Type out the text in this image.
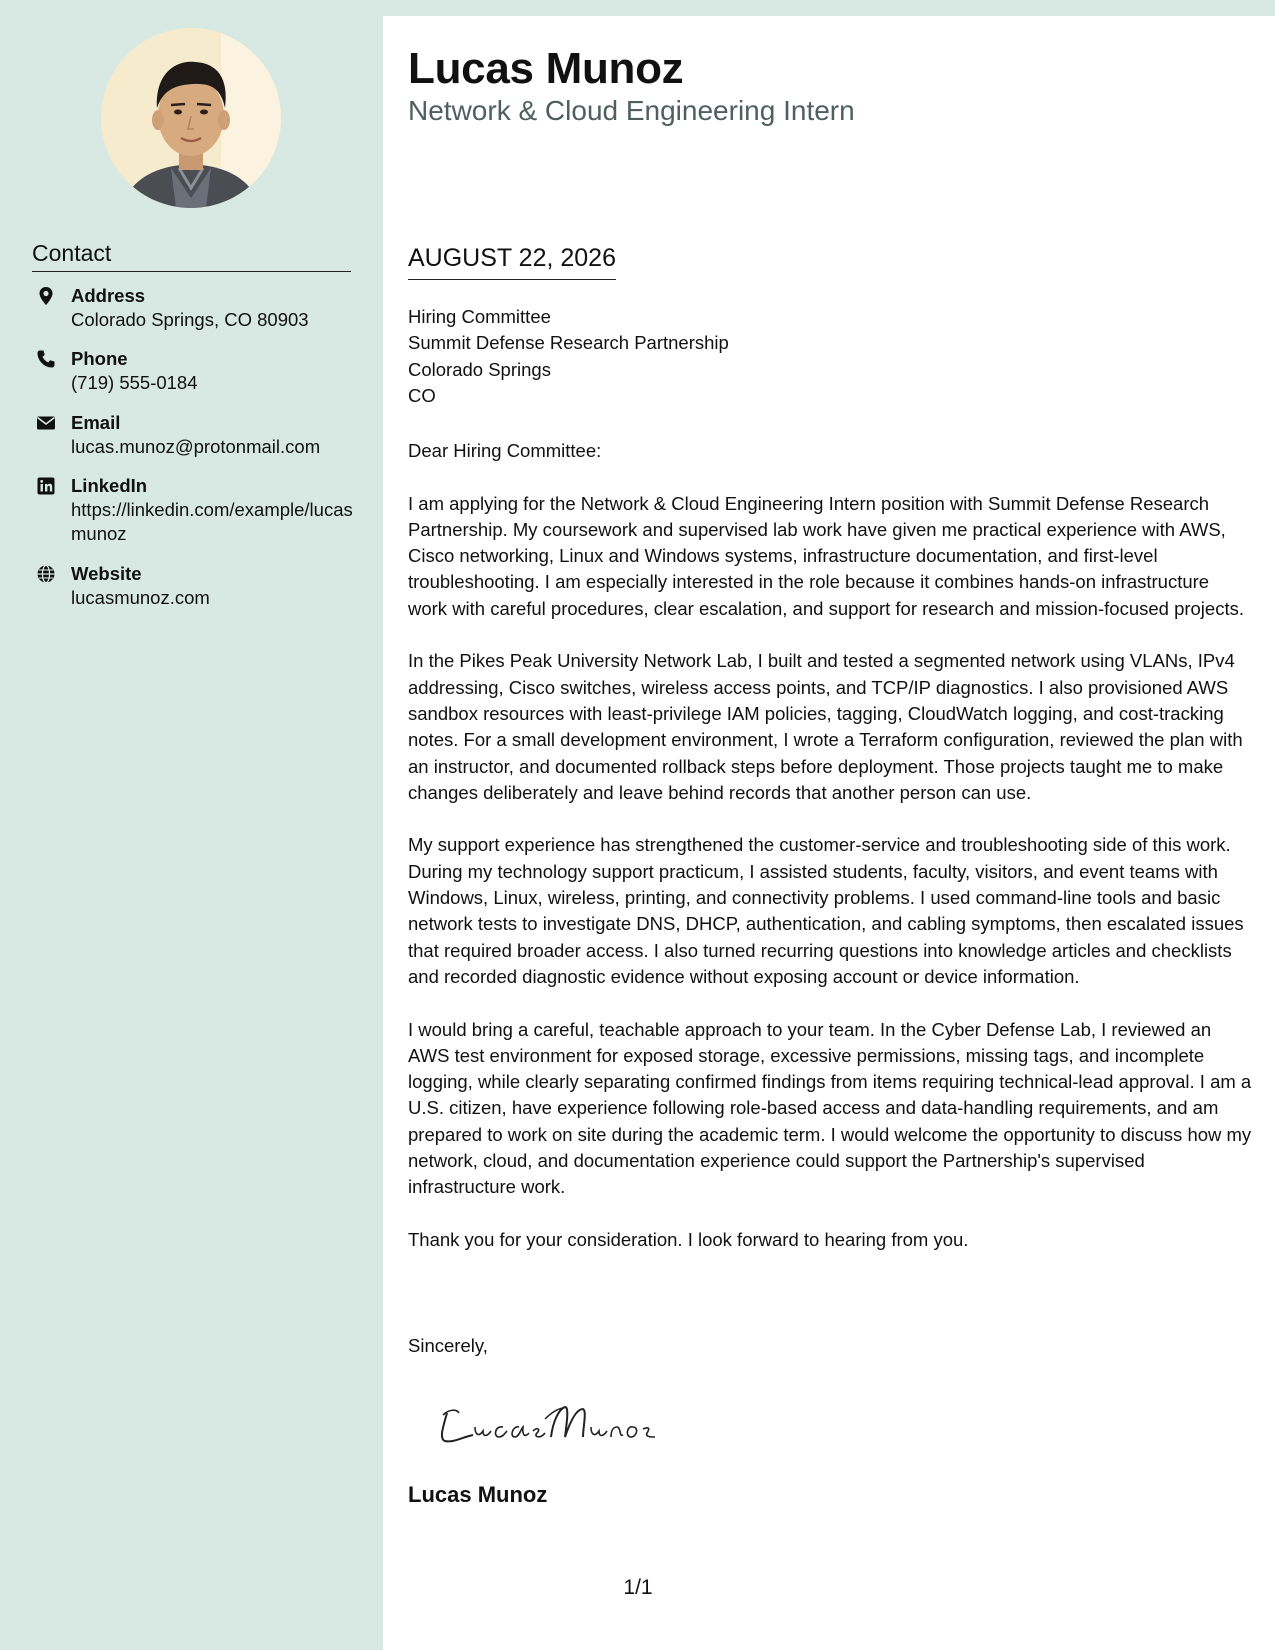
Contact
Address
Colorado Springs, CO 80903
Phone
(719) 555-0184
Email
lucas.munoz@protonmail.com
LinkedIn
https://linkedin.com/example/lucasmunoz
Website
lucasmunoz.com
Lucas Munoz
Network & Cloud Engineering Intern
AUGUST 22, 2026
Hiring Committee
Summit Defense Research Partnership
Colorado Springs
CO

Dear Hiring Committee:

I am applying for the Network & Cloud Engineering Intern position with Summit Defense Research Partnership. My coursework and supervised lab work have given me practical experience with AWS, Cisco networking, Linux and Windows systems, infrastructure documentation, and first-level troubleshooting. I am especially interested in the role because it combines hands-on infrastructure work with careful procedures, clear escalation, and support for research and mission-focused projects.

In the Pikes Peak University Network Lab, I built and tested a segmented network using VLANs, IPv4 addressing, Cisco switches, wireless access points, and TCP/IP diagnostics. I also provisioned AWS sandbox resources with least-privilege IAM policies, tagging, CloudWatch logging, and cost-tracking notes. For a small development environment, I wrote a Terraform configuration, reviewed the plan with an instructor, and documented rollback steps before deployment. Those projects taught me to make changes deliberately and leave behind records that another person can use.

My support experience has strengthened the customer-service and troubleshooting side of this work. During my technology support practicum, I assisted students, faculty, visitors, and event teams with Windows, Linux, wireless, printing, and connectivity problems. I used command-line tools and basic network tests to investigate DNS, DHCP, authentication, and cabling symptoms, then escalated issues that required broader access. I also turned recurring questions into knowledge articles and checklists and recorded diagnostic evidence without exposing account or device information.

I would bring a careful, teachable approach to your team. In the Cyber Defense Lab, I reviewed an AWS test environment for exposed storage, excessive permissions, missing tags, and incomplete logging, while clearly separating confirmed findings from items requiring technical-lead approval. I am a U.S. citizen, have experience following role-based access and data-handling requirements, and am prepared to work on site during the academic term. I would welcome the opportunity to discuss how my network, cloud, and documentation experience could support the Partnership's supervised infrastructure work.

Thank you for your consideration. I look forward to hearing from you.

Sincerely,
Lucas Munoz
1/1
